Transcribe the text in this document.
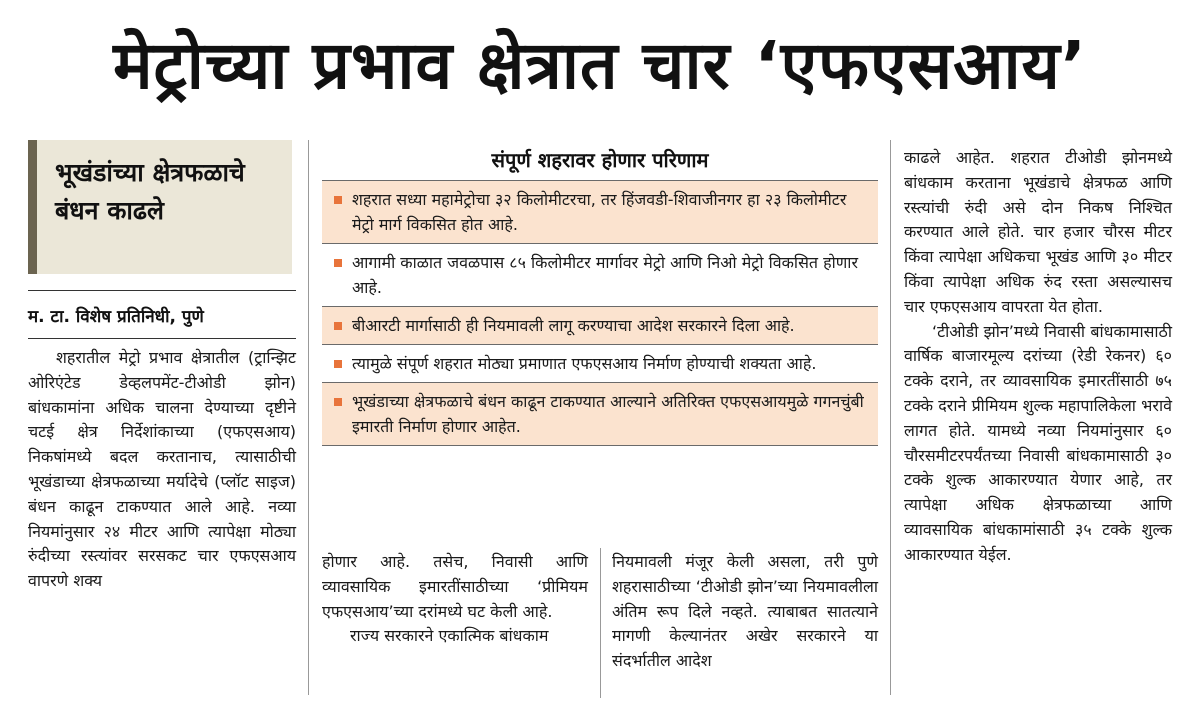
मेट्रोच्या प्रभाव क्षेत्रात चार ‘एफएसआय’
भूखंडांच्या क्षेत्रफळाचे बंधन काढले
म. टा. विशेष प्रतिनिधी, पुणे

शहरातील मेट्रो प्रभाव क्षेत्रातील (ट्रान्झिट ओरिएंटेड डेव्हलपमेंट-टीओडी झोन) बांधकामांना अधिक चालना देण्याच्या दृष्टीने चटई क्षेत्र निर्देशांकाच्या (एफएसआय) निकषांमध्ये बदल करतानाच, त्यासाठीची भूखंडाच्या क्षेत्रफळाच्या मर्यादेचे (प्लॉट साइज) बंधन काढून टाकण्यात आले आहे. नव्या नियमांनुसार २४ मीटर आणि त्यापेक्षा मोठ्या रुंदीच्या रस्त्यांवर सरसकट चार एफएसआय वापरणे शक्य

संपूर्ण शहरावर होणार परिणाम
शहरात सध्या महामेट्रोचा ३२ किलोमीटरचा, तर हिंजवडी-शिवाजीनगर हा २३ किलोमीटर मेट्रो मार्ग विकसित होत आहे.
आगामी काळात जवळपास ८५ किलोमीटर मार्गावर मेट्रो आणि निओ मेट्रो विकसित होणार आहे.
बीआरटी मार्गासाठी ही नियमावली लागू करण्याचा आदेश सरकारने दिला आहे.
त्यामुळे संपूर्ण शहरात मोठ्या प्रमाणात एफएसआय निर्माण होण्याची शक्यता आहे.
भूखंडाच्या क्षेत्रफळाचे बंधन काढून टाकण्यात आल्याने अतिरिक्त एफएसआयमुळे गगनचुंबी इमारती निर्माण होणार आहेत.

होणार आहे. तसेच, निवासी आणि व्यावसायिक इमारतींसाठीच्या ‘प्रीमियम एफएसआय’च्या दरांमध्ये घट केली आहे.

राज्य सरकारने एकात्मिक बांधकाम

नियमावली मंजूर केली असला, तरी पुणे शहरासाठीच्या ‘टीओडी झोन’च्या नियमावलीला अंतिम रूप दिले नव्हते. त्याबाबत सातत्याने मागणी केल्यानंतर अखेर सरकारने या संदर्भातील आदेश

काढले आहेत. शहरात टीओडी झोनमध्ये बांधकाम करताना भूखंडाचे क्षेत्रफळ आणि रस्त्यांची रुंदी असे दोन निकष निश्चित करण्यात आले होते. चार हजार चौरस मीटर किंवा त्यापेक्षा अधिकचा भूखंड आणि ३० मीटर किंवा त्यापेक्षा अधिक रुंद रस्ता असल्यासच चार एफएसआय वापरता येत होता.

‘टीओडी झोन’मध्ये निवासी बांधकामासाठी वार्षिक बाजारमूल्य दरांच्या (रेडी रेकनर) ६० टक्के दराने, तर व्यावसायिक इमारतींसाठी ७५ टक्के दराने प्रीमियम शुल्क महापालिकेला भरावे लागत होते. यामध्ये नव्या नियमांनुसार ६० चौरसमीटरपर्यंतच्या निवासी बांधकामासाठी ३० टक्के शुल्क आकारण्यात येणार आहे, तर त्यापेक्षा अधिक क्षेत्रफळाच्या आणि व्यावसायिक बांधकामांसाठी ३५ टक्के शुल्क आकारण्यात येईल.
